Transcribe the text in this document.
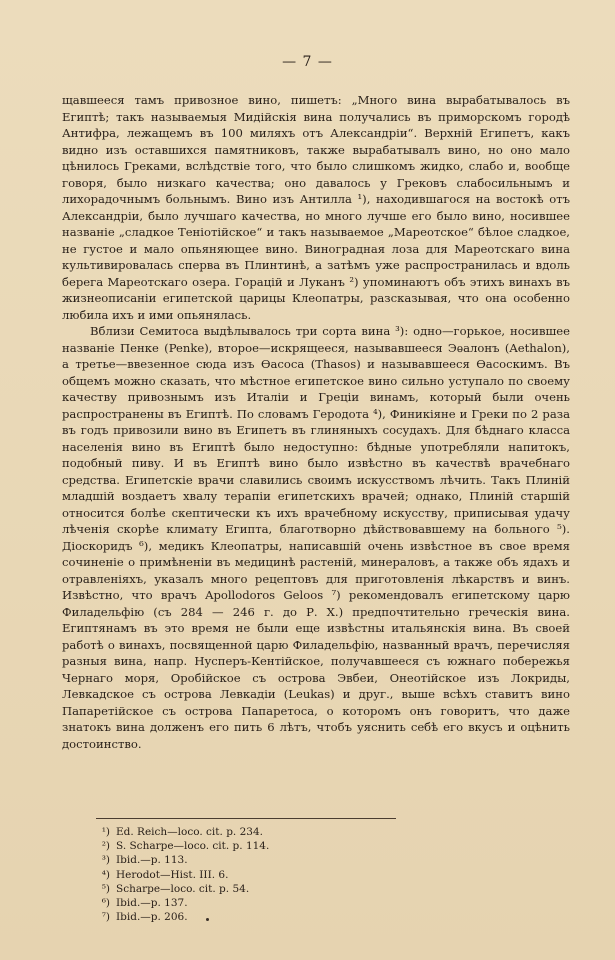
— 7 —

щавшееся тамъ привозное вино, пишетъ: „Много вина вырабатывалось въ Египтѣ; такъ называемыя Мидійскія вина получались въ приморскомъ городѣ Антифра, лежащемъ въ 100 миляхъ отъ Александріи“. Верхній Египетъ, какъ видно изъ оставшихся памятниковъ, также вырабатывалъ вино, но оно мало цѣнилось Греками, вслѣдствіе того, что было слишкомъ жидко, слабо и, вообще говоря, было низкаго качества; оно давалось у Грековъ слабосильнымъ и лихорадочнымъ больнымъ. Вино изъ Антилла ¹), находившагося на востокѣ отъ Александріи, было лучшаго качества, но много лучше его было вино, носившее названіе „сладкое Теніотійское“ и такъ называемое „Мареотское“ бѣлое сладкое, не густое и мало опьяняющее вино. Виноградная лоза для Мареотскаго вина культивировалась сперва въ Плинтинѣ, а затѣмъ уже распространилась и вдоль берега Мареотскаго озера. Горацій и Луканъ ²) упоминаютъ объ этихъ винахъ въ жизнеописаніи египетской царицы Клеопатры, разсказывая, что она особенно любила ихъ и ими опьянялась.

Вблизи Семитоса выдѣлывалось три сорта вина ³): одно—горькое, носившее названіе Пенке (Penke), второе—искрящееся, называвшееся Эѳалонъ (Aethalon), а третье—ввезенное сюда изъ Ѳасоса (Thasos) и называвшееся Ѳасоскимъ. Въ общемъ можно сказать, что мѣстное египетское вино сильно уступало по своему качеству привознымъ изъ Италіи и Греціи винамъ, который были очень распространены въ Египтѣ. По словамъ Геродота ⁴), Финикіяне и Греки по 2 раза въ годъ привозили вино въ Египетъ въ глиняныхъ сосудахъ. Для бѣднаго класса населенія вино въ Египтѣ было недоступно: бѣдные употребляли напитокъ, подобный пиву. И въ Египтѣ вино было извѣстно въ качествѣ врачебнаго средства. Египетскіе врачи славились своимъ искусствомъ лѣчить. Такъ Плиній младшій воздаетъ хвалу терапіи египетскихъ врачей; однако, Плиній старшій относится болѣе скептически къ ихъ врачебному искусству, приписывая удачу лѣченія скорѣе климату Египта, благотворно дѣйствовавшему на больного ⁵). Діоскоридъ ⁶), медикъ Клеопатры, написавшій очень извѣстное въ свое время сочиненіе о примѣненіи въ медицинѣ растеній, минераловъ, а также объ ядахъ и отравленіяхъ, указалъ много рецептовъ для приготовленія лѣкарствъ и винъ. Извѣстно, что врачъ Apollodoros Geloos ⁷) рекомендовалъ египетскому царю Филадельфію (съ 284 — 246 г. до Р. Х.) предпочтительно греческія вина. Египтянамъ въ это время не были еще извѣстны итальянскія вина. Въ своей работѣ о винахъ, посвященной царю Филадельфію, названный врачъ, перечисляя разныя вина, напр. Нусперъ-Кентійское, получавшееся съ южнаго побережья Чернаго моря, Оробійское съ острова Эвбеи, Онеотійское изъ Локриды, Левкадское съ острова Левкадіи (Leukas) и друг., выше всѣхъ ставитъ вино Папаретійское съ острова Папаретоса, о которомъ онъ говоритъ, что даже знатокъ вина долженъ его пить 6 лѣтъ, чтобъ уяснить себѣ его вкусъ и оцѣнить достоинство.

¹) Ed. Reich—loco. cit. p. 234.
²) S. Scharpe—loco. cit. p. 114.
³) Ibid.—p. 113.
⁴) Herodot—Hist. III. 6.
⁵) Scharpe—loco. cit. p. 54.
⁶) Ibid.—p. 137.
⁷) Ibid.—p. 206.
